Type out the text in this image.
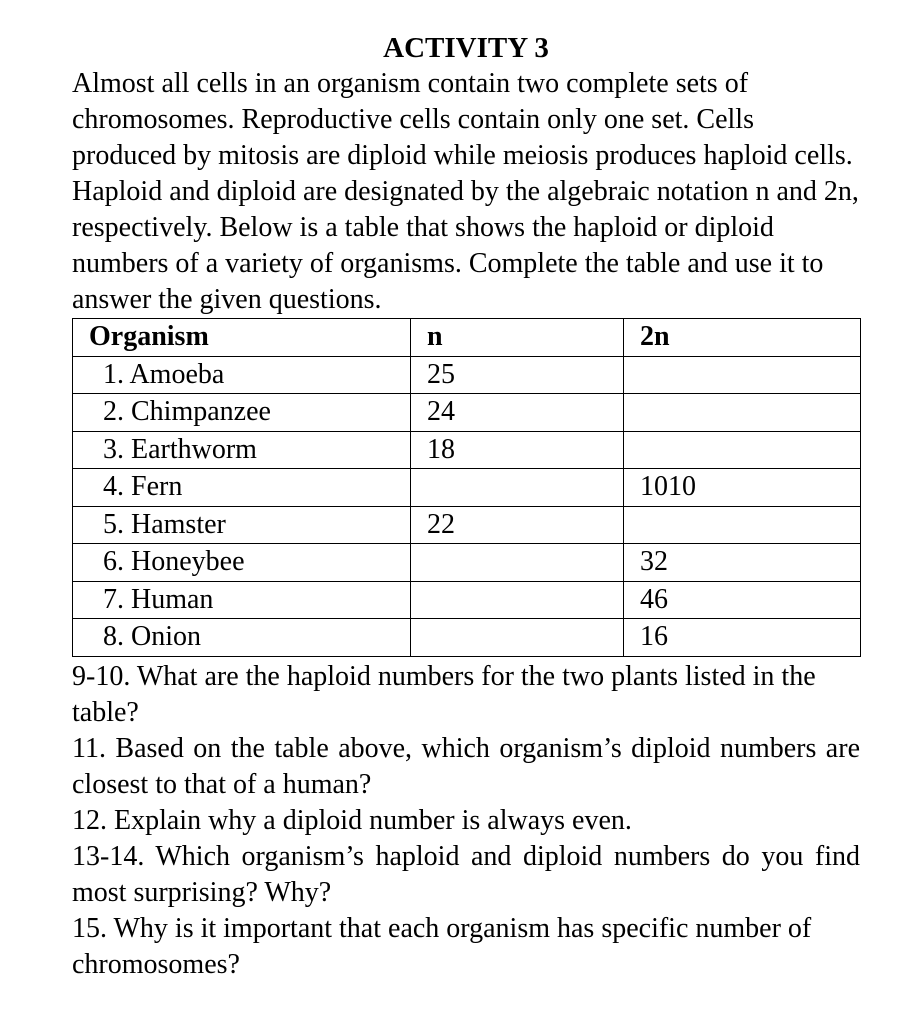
ACTIVITY 3

Almost all cells in an organism contain two complete sets of chromosomes. Reproductive cells contain only one set. Cells produced by mitosis are diploid while meiosis produces haploid cells. Haploid and diploid are designated by the algebraic notation n and 2n, respectively. Below is a table that shows the haploid or diploid numbers of a variety of organisms. Complete the table and use it to answer the given questions.

Organism	n	2n
1. Amoeba	25	
2. Chimpanzee	24	
3. Earthworm	18	
4. Fern		1010
5. Hamster	22	
6. Honeybee		32
7. Human		46
8. Onion		16

9-10. What are the haploid numbers for the two plants listed in the table?

11. Based on the table above, which organism’s diploid numbers are closest to that of a human?

12. Explain why a diploid number is always even.

13-14. Which organism’s haploid and diploid numbers do you find most surprising? Why?

15. Why is it important that each organism has specific number of chromosomes?
